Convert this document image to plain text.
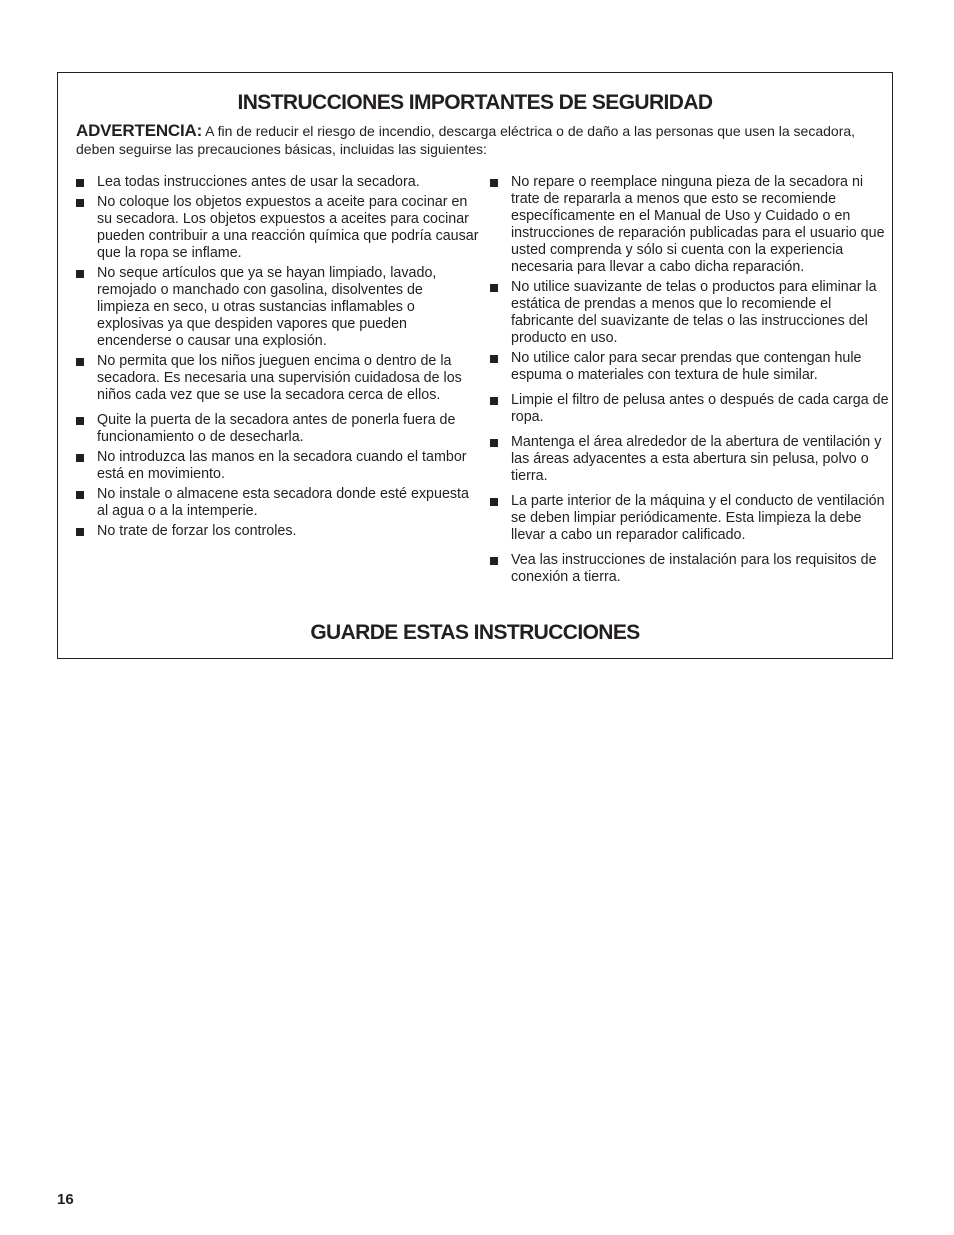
INSTRUCCIONES IMPORTANTES DE SEGURIDAD

ADVERTENCIA: A fin de reducir el riesgo de incendio, descarga eléctrica o de daño a las personas que usen la secadora, deben seguirse las precauciones básicas, incluidas las siguientes:

Lea todas instrucciones antes de usar la secadora.
No coloque los objetos expuestos a aceite para cocinar en su secadora. Los objetos expuestos a aceites para cocinar pueden contribuir a una reacción química que podría causar que la ropa se inflame.
No seque artículos que ya se hayan limpiado, lavado, remojado o manchado con gasolina, disolventes de limpieza en seco, u otras sustancias inflamables o explosivas ya que despiden vapores que pueden encenderse o causar una explosión.
No permita que los niños jueguen encima o dentro de la secadora. Es necesaria una supervisión cuidadosa de los niños cada vez que se use la secadora cerca de ellos.
Quite la puerta de la secadora antes de ponerla fuera de funcionamiento o de desecharla.
No introduzca las manos en la secadora cuando el tambor está en movimiento.
No instale o almacene esta secadora donde esté expuesta al agua o a la intemperie.
No trate de forzar los controles.
No repare o reemplace ninguna pieza de la secadora ni trate de repararla a menos que esto se recomiende específicamente en el Manual de Uso y Cuidado o en instrucciones de reparación publicadas para el usuario que usted comprenda y sólo si cuenta con la experiencia necesaria para llevar a cabo dicha reparación.
No utilice suavizante de telas o productos para eliminar la estática de prendas a menos que lo recomiende el fabricante del suavizante de telas o las instrucciones del producto en uso.
No utilice calor para secar prendas que contengan hule espuma o materiales con textura de hule similar.
Limpie el filtro de pelusa antes o después de cada carga de ropa.
Mantenga el área alrededor de la abertura de ventilación y las áreas adyacentes a esta abertura sin pelusa, polvo o tierra.
La parte interior de la máquina y el conducto de ventilación se deben limpiar periódicamente. Esta limpieza la debe llevar a cabo un reparador calificado.
Vea las instrucciones de instalación para los requisitos de conexión a tierra.
GUARDE ESTAS INSTRUCCIONES
16
